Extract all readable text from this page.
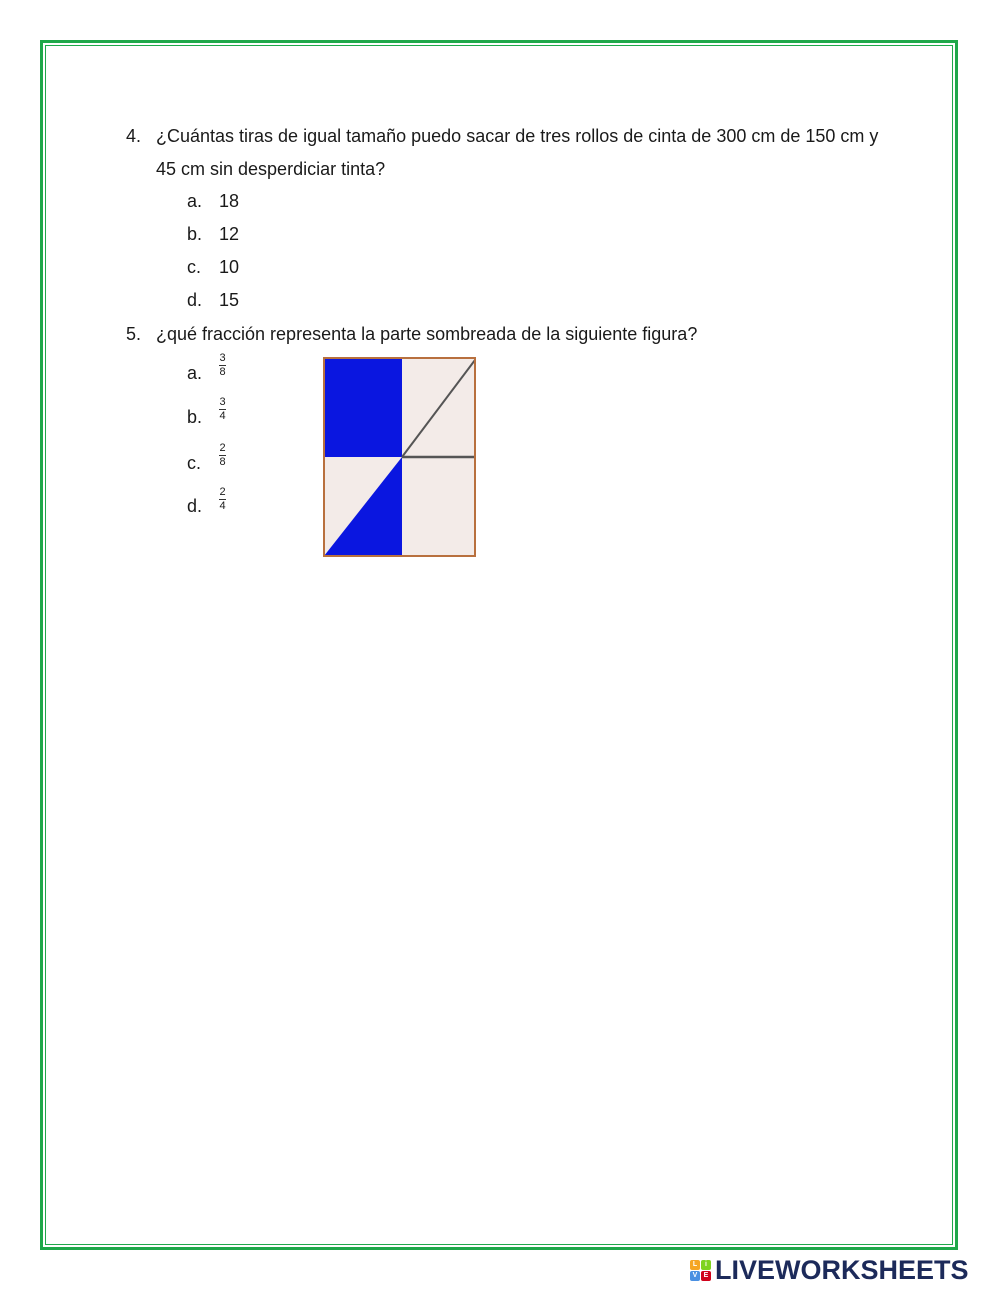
4. ¿Cuántas tiras de igual tamaño puedo sacar de tres rollos de cinta de 300 cm de 150 cm y
45 cm sin desperdiciar tinta?
a. 18
b. 12
c. 10
d. 15
5. ¿qué fracción representa la parte sombreada de la siguiente figura?
a.
3
8
b.
3
4
c.
2
8
d.
2
4
L	i
V E LIVEWORKSHEETS
